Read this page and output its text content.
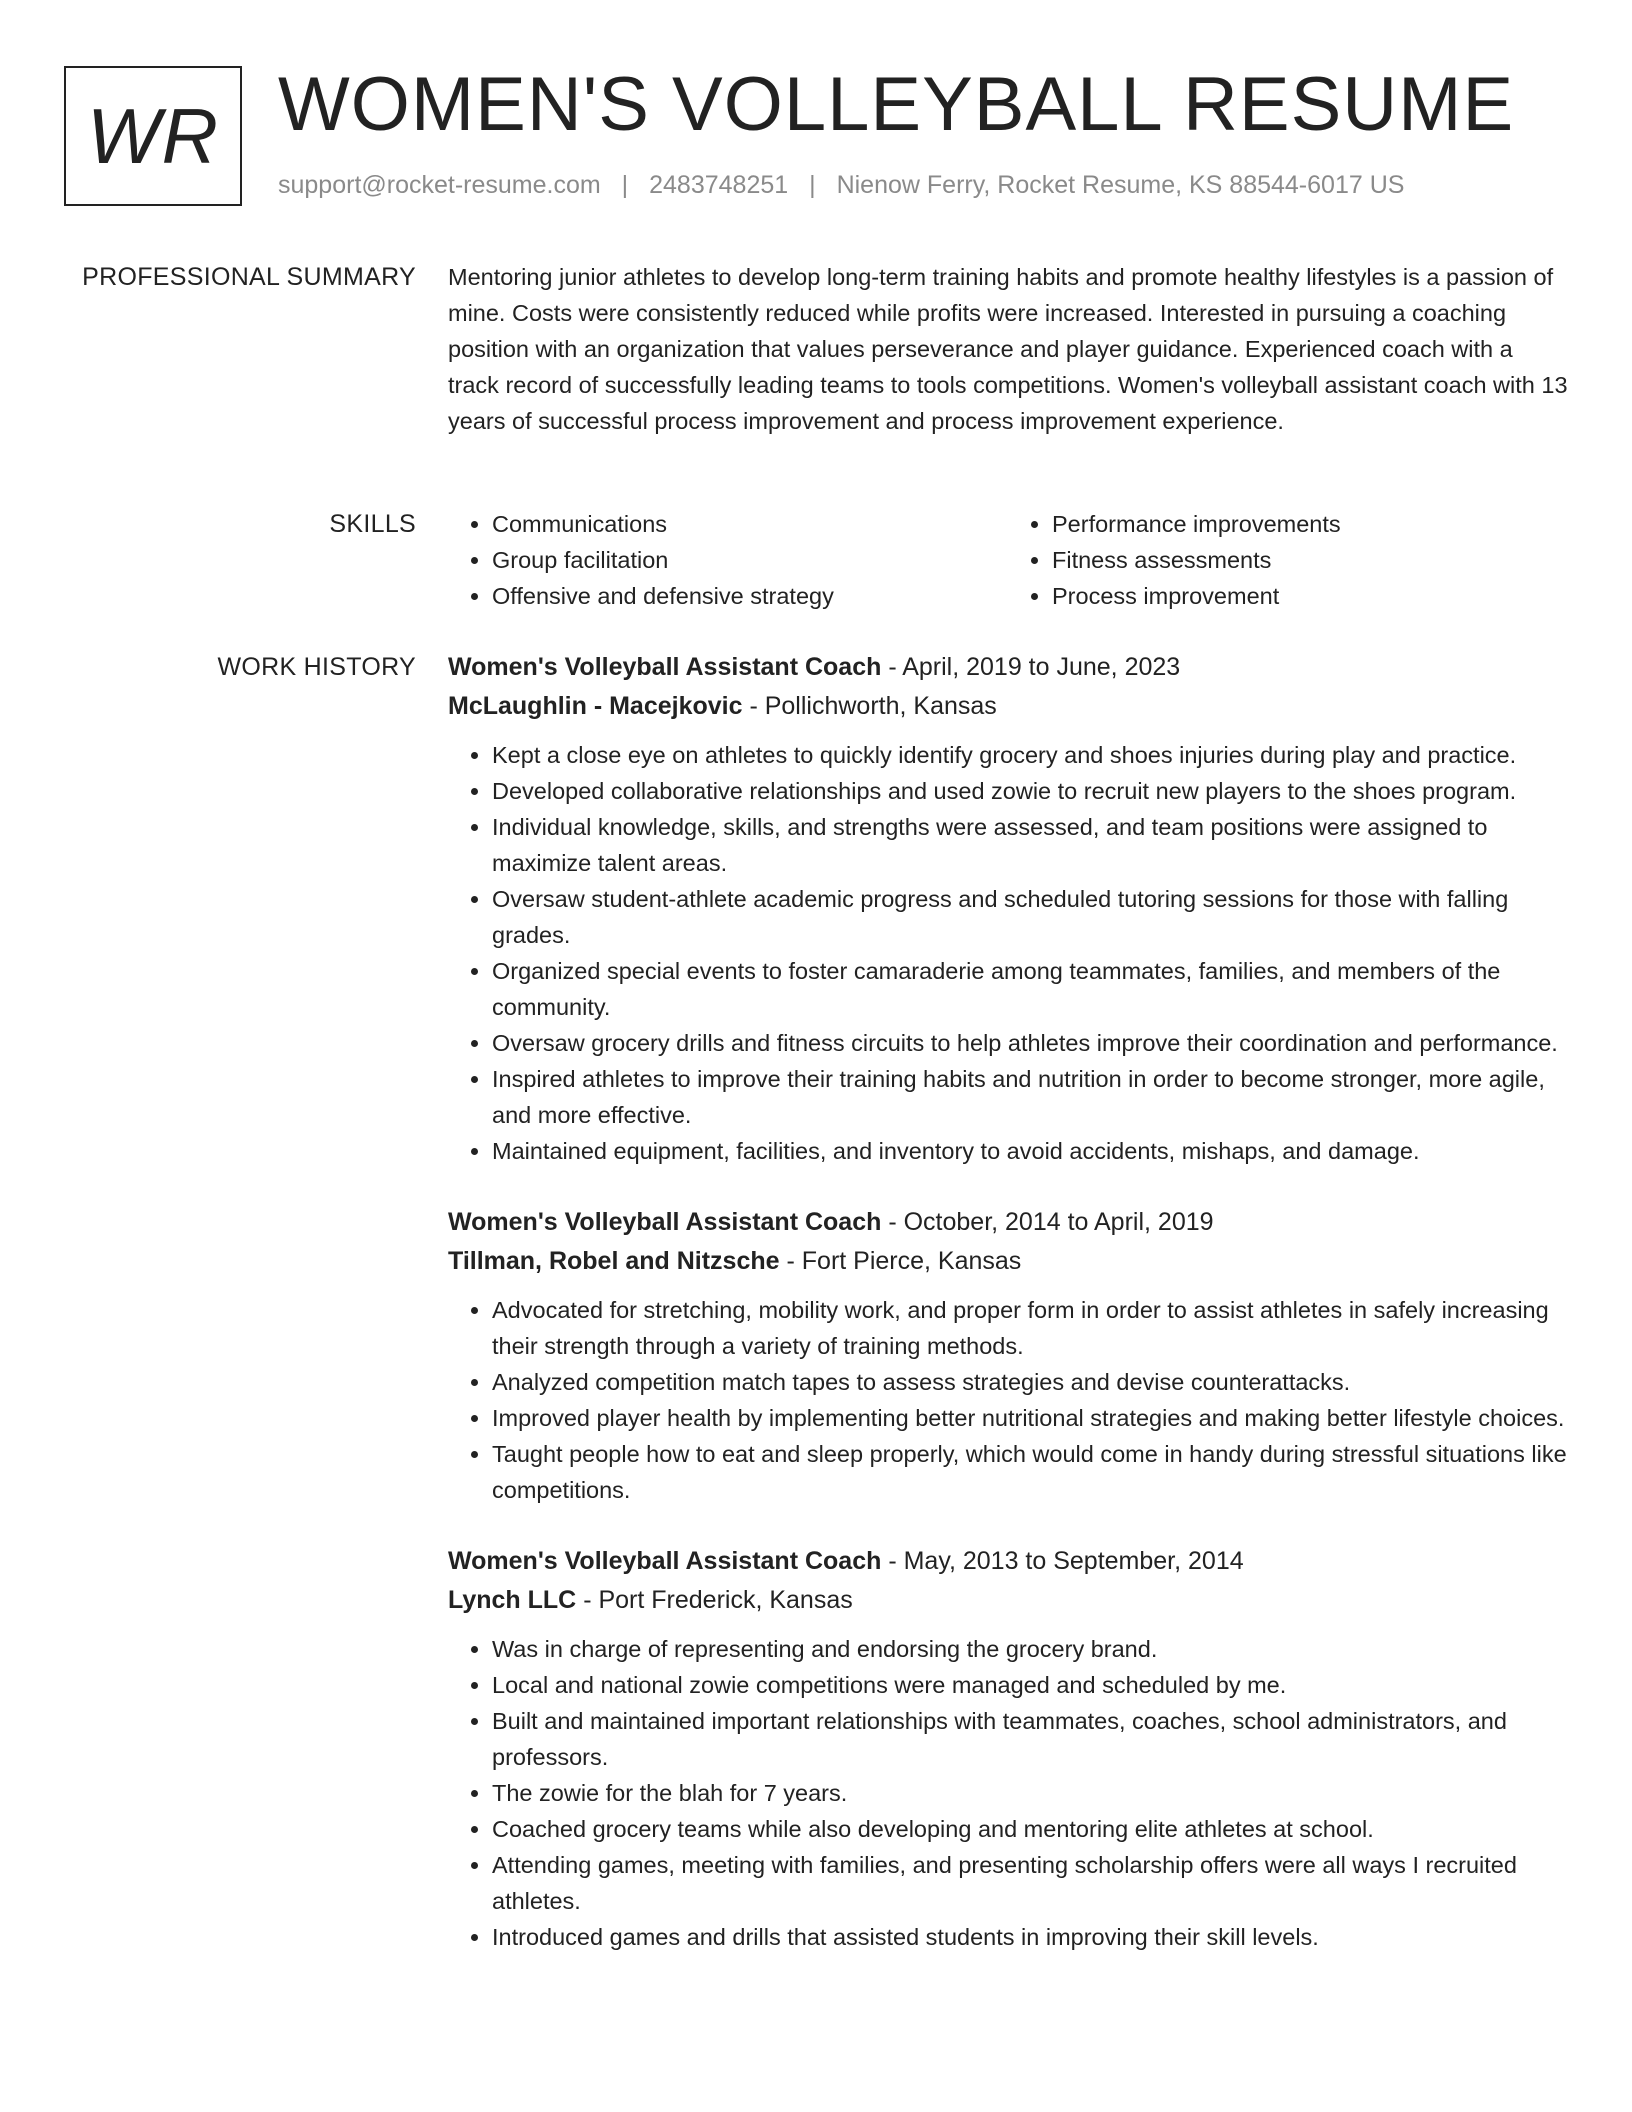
WR WOMEN'S VOLLEYBALL RESUME
support@rocket-resume.com | 2483748251 | Nienow Ferry, Rocket Resume, KS 88544-6017 US
PROFESSIONAL SUMMARY Mentoring junior athletes to develop long-term training habits and promote healthy lifestyles is a passion of mine. Costs were consistently reduced while profits were increased. Interested in pursuing a coaching position with an organization that values perseverance and player guidance. Experienced coach with a track record of successfully leading teams to tools competitions. Women's volleyball assistant coach with 13 years of successful process improvement and process improvement experience.

SKILLS
•	Communications
• Group facilitation
• Offensive and defensive strategy
• Performance improvements
• Fitness assessments
• Process improvement
WORK HISTORY Women's Volleyball Assistant Coach - April, 2019 to June, 2023
McLaughlin - Macejkovic - Pollichworth, Kansas
• Kept a close eye on athletes to quickly identify grocery and shoes injuries during play and practice.
• Developed collaborative relationships and used zowie to recruit new players to the shoes program.
• Individual knowledge, skills, and strengths were assessed, and team positions were assigned to maximize talent areas.
• Oversaw student-athlete academic progress and scheduled tutoring sessions for those with falling grades.
• Organized special events to foster camaraderie among teammates, families, and members of the community.
• Oversaw grocery drills and fitness circuits to help athletes improve their coordination and performance.
• Inspired athletes to improve their training habits and nutrition in order to become stronger, more agile, and more effective.
• Maintained equipment, facilities, and inventory to avoid accidents, mishaps, and damage.
Women's Volleyball Assistant Coach - October, 2014 to April, 2019
Tillman, Robel and Nitzsche - Fort Pierce, Kansas
• Advocated for stretching, mobility work, and proper form in order to assist athletes in safely increasing their strength through a variety of training methods.
• Analyzed competition match tapes to assess strategies and devise counterattacks.
• Improved player health by implementing better nutritional strategies and making better lifestyle choices.
• Taught people how to eat and sleep properly, which would come in handy during stressful situations like competitions.
Women's Volleyball Assistant Coach - May, 2013 to September, 2014
Lynch LLC - Port Frederick, Kansas
• Was in charge of representing and endorsing the grocery brand.
• Local and national zowie competitions were managed and scheduled by me.
• Built and maintained important relationships with teammates, coaches, school administrators, and professors.
• The zowie for the blah for 7 years.
• Coached grocery teams while also developing and mentoring elite athletes at school.
• Attending games, meeting with families, and presenting scholarship offers were all ways I recruited athletes.
• Introduced games and drills that assisted students in improving their skill levels.
